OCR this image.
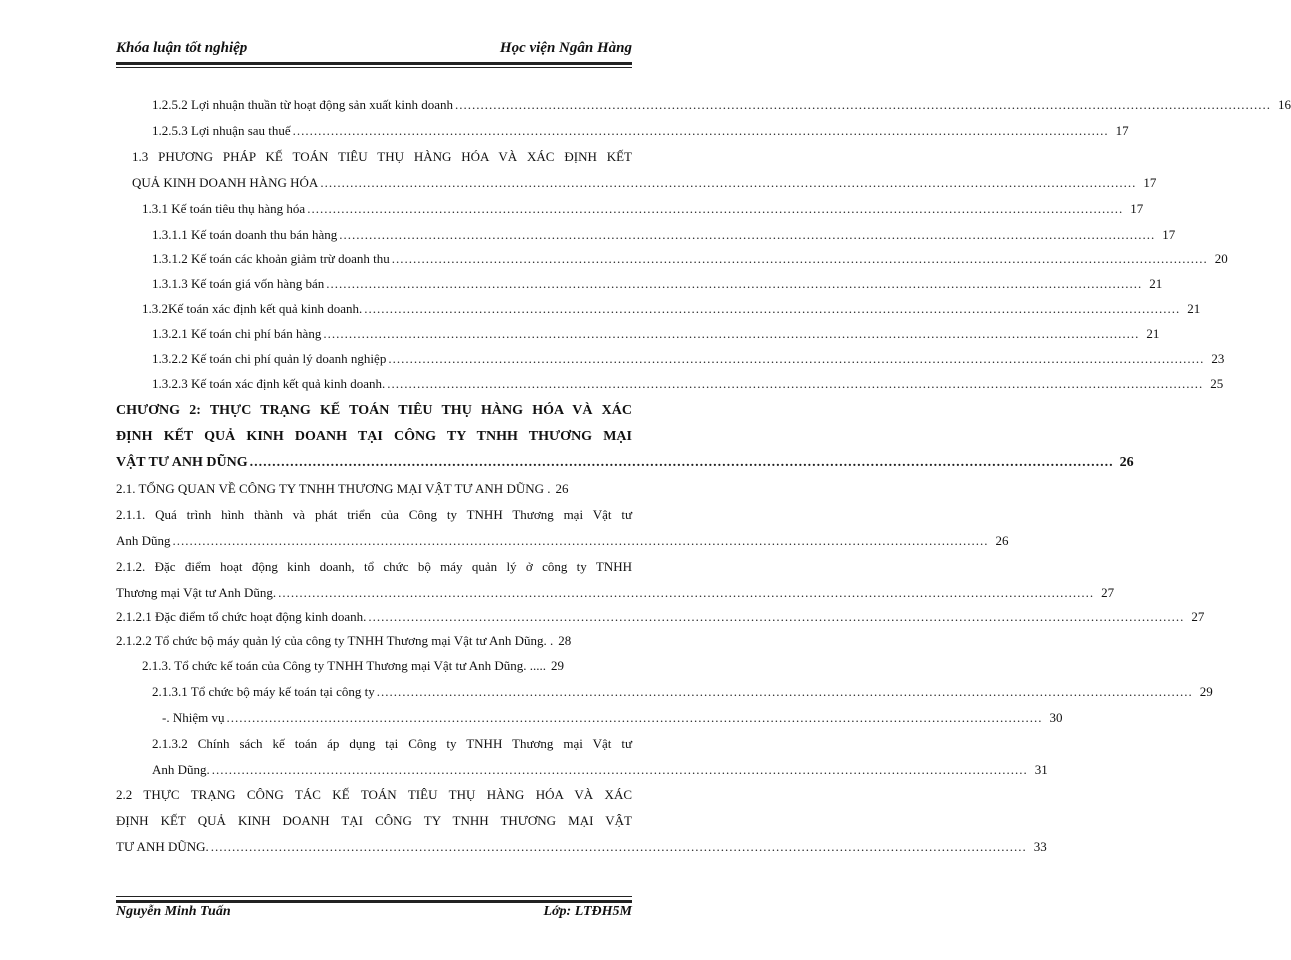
Khóa luận tốt nghiệp	Học viện Ngân Hàng
1.2.5.2 Lợi nhuận thuần từ hoạt động sản xuất kinh doanh .....	16
1.2.5.3 Lợi nhuận sau thuế .....	17
1.3 PHƯƠNG PHÁP KẾ TOÁN TIÊU THỤ HÀNG HÓA VÀ XÁC ĐỊNH KẾT
QUẢ KINH DOANH HÀNG HÓA .....	17
1.3.1 Kế toán tiêu thụ hàng hóa .....	17
1.3.1.1 Kế toán doanh thu bán hàng .....	17
1.3.1.2 Kế toán các khoản giảm trừ doanh thu .....	20
1.3.1.3 Kế toán giá vốn hàng bán .....	21
1.3.2Kế toán xác định kết quả kinh doanh. .....	21
1.3.2.1 Kế toán chi phí bán hàng .....	21
1.3.2.2 Kế toán chi phí quản lý doanh nghiệp .....	23
1.3.2.3 Kế toán xác định kết quả kinh doanh. .....	25
CHƯƠNG 2: THỰC TRẠNG KẾ TOÁN TIÊU THỤ HÀNG HÓA VÀ XÁC
ĐỊNH KẾT QUẢ KINH DOANH TẠI CÔNG TY TNHH THƯƠNG MẠI
VẬT TƯ ANH DŨNG .....	26
2.1. TỔNG QUAN VỀ CÔNG TY TNHH THƯƠNG MẠI VẬT TƯ ANH DŨNG . 26
2.1.1. Quá trình hình thành và phát triển của Công ty TNHH Thương mại Vật tư
Anh Dũng .....	26
2.1.2. Đặc điểm hoạt động kinh doanh, tổ chức bộ máy quản lý ở công ty TNHH
Thương mại Vật tư Anh Dũng. .....	27
2.1.2.1 Đặc điểm tổ chức hoạt động kinh doanh. .....	27
2.1.2.2 Tổ chức bộ máy quản lý của công ty TNHH Thương mại Vật tư Anh Dũng. . 28
2.1.3. Tổ chức kế toán của Công ty TNHH Thương mại Vật tư Anh Dũng. ..... 29
2.1.3.1 Tổ chức bộ máy kế toán tại công ty .....	29
-. Nhiệm vụ .....	30
2.1.3.2 Chính sách kế toán áp dụng tại Công ty TNHH Thương mại Vật tư
Anh Dũng. .....	31
2.2 THỰC TRẠNG CÔNG TÁC KẾ TOÁN TIÊU THỤ HÀNG HÓA VÀ XÁC
ĐỊNH KẾT QUẢ KINH DOANH TẠI CÔNG TY TNHH THƯƠNG MẠI VẬT
TƯ ANH DŨNG. .....	33
Nguyễn Minh Tuấn	Lớp: LTĐH5M
